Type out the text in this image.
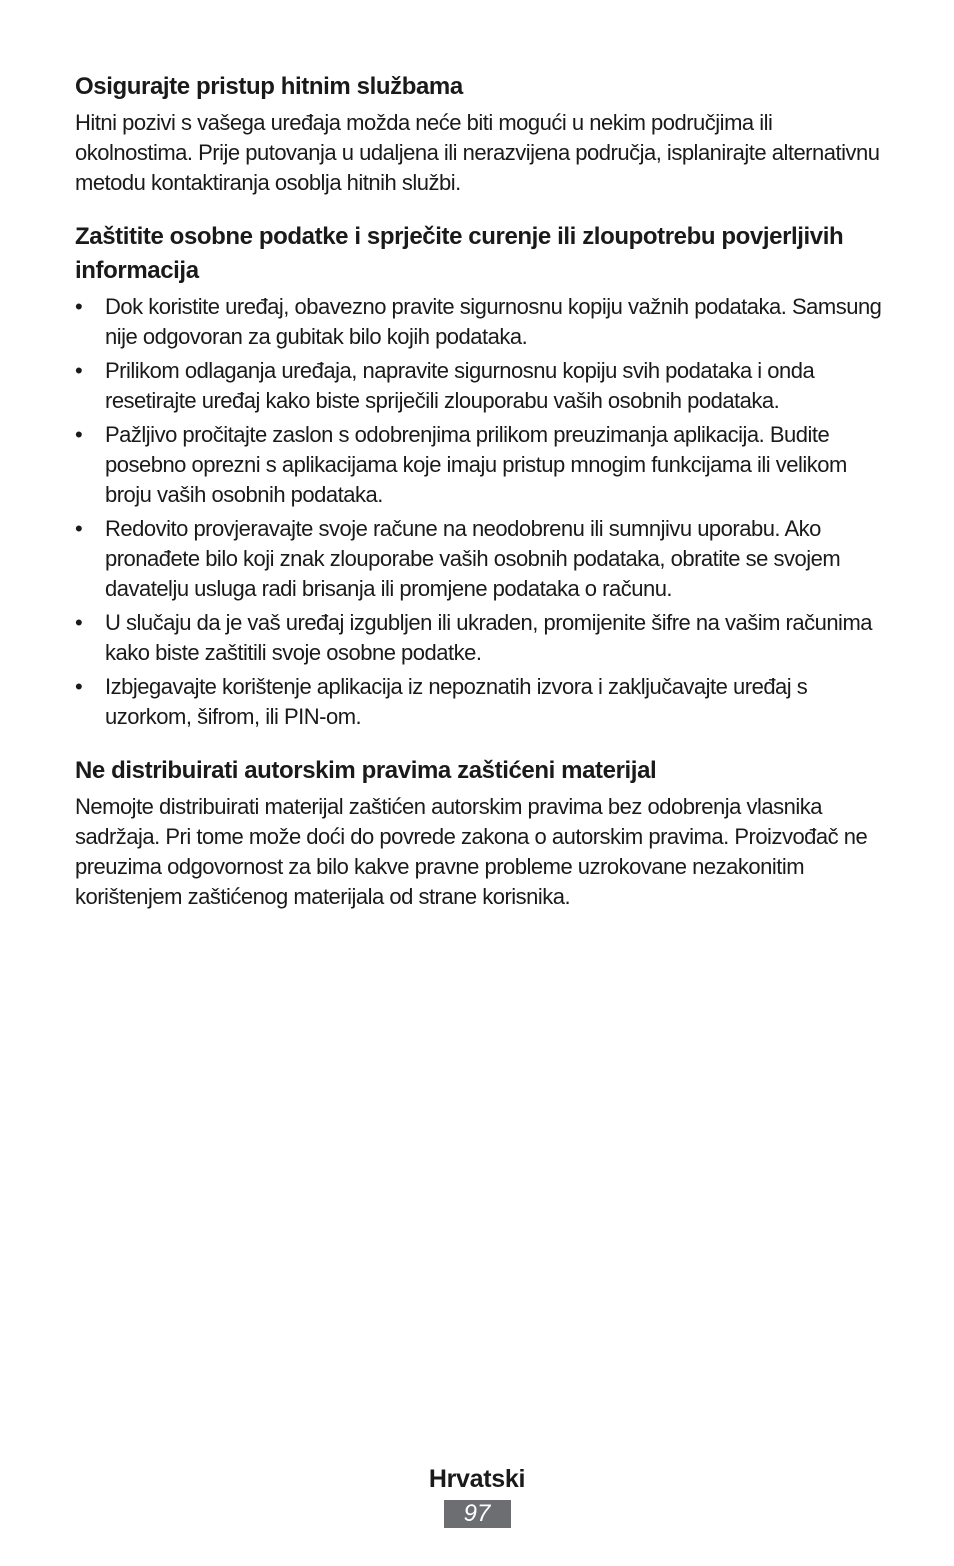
Osigurajte pristup hitnim službama

Hitni pozivi s vašega uređaja možda neće biti mogući u nekim područjima ili okolnostima. Prije putovanja u udaljena ili nerazvijena područja, isplanirajte alternativnu metodu kontaktiranja osoblja hitnih službi.

Zaštitite osobne podatke i sprječite curenje ili zloupotrebu povjerljivih informacija
•	Dok koristite uređaj, obavezno pravite sigurnosnu kopiju važnih podataka. Samsung nije odgovoran za gubitak bilo kojih podataka.
•	Prilikom odlaganja uređaja, napravite sigurnosnu kopiju svih podataka i onda resetirajte uređaj kako biste spriječili zlouporabu vaših osobnih podataka.
•	Pažljivo pročitajte zaslon s odobrenjima prilikom preuzimanja aplikacija. Budite posebno oprezni s aplikacijama koje imaju pristup mnogim funkcijama ili velikom broju vaših osobnih podataka.
•	Redovito provjeravajte svoje račune na neodobrenu ili sumnjivu uporabu. Ako pronađete bilo koji znak zlouporabe vaših osobnih podataka, obratite se svojem davatelju usluga radi brisanja ili promjene podataka o računu.
•	U slučaju da je vaš uređaj izgubljen ili ukraden, promijenite šifre na vašim računima kako biste zaštitili svoje osobne podatke.
•	Izbjegavajte korištenje aplikacija iz nepoznatih izvora i zaključavajte uređaj s uzorkom, šifrom, ili PIN-om.
Ne distribuirati autorskim pravima zaštićeni materijal

Nemojte distribuirati materijal zaštićen autorskim pravima bez odobrenja vlasnika sadržaja. Pri tome može doći do povrede zakona o autorskim pravima. Proizvođač ne preuzima odgovornost za bilo kakve pravne probleme uzrokovane nezakonitim korištenjem zaštićenog materijala od strane korisnika.

Hrvatski
97
